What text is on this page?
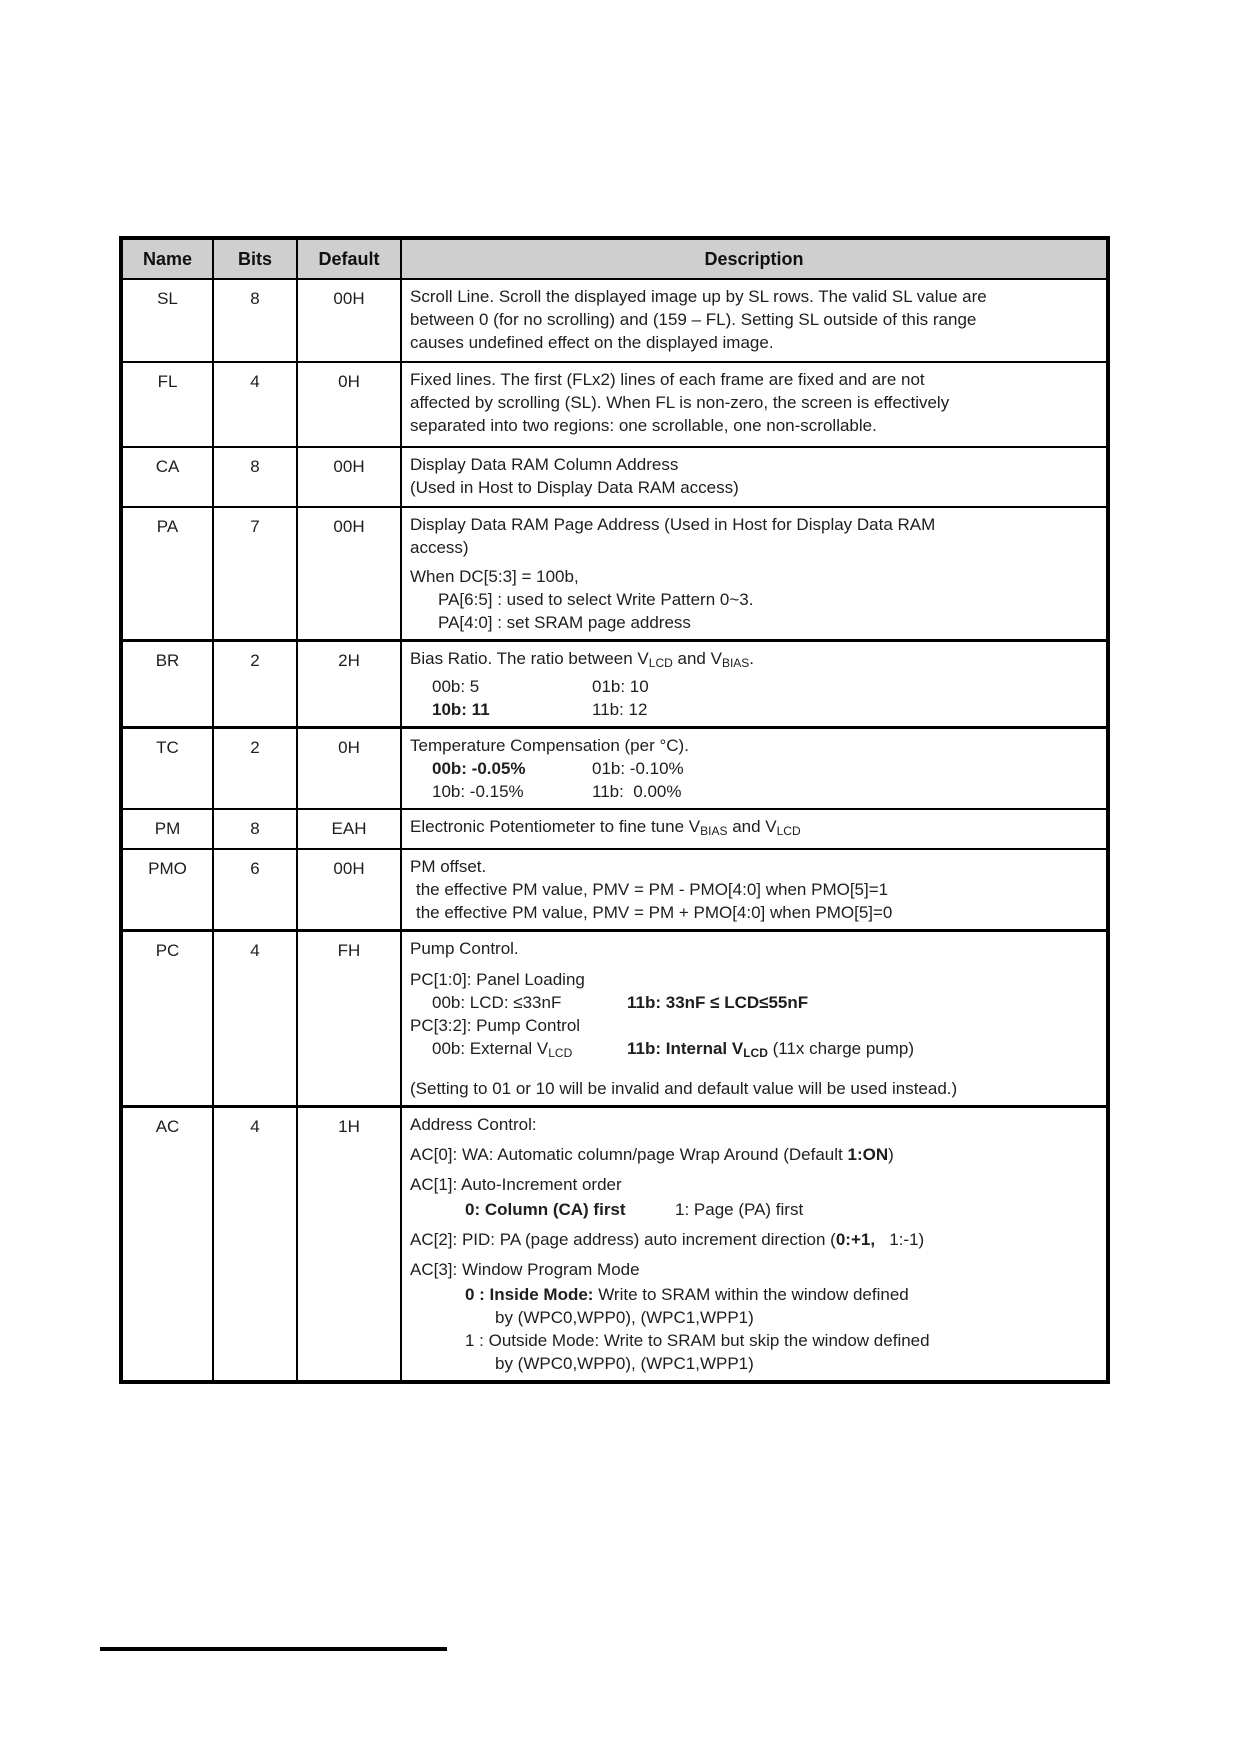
Name	Bits	Default	Description
SL	8	00H	Scroll Line. Scroll the displayed image up by SL rows. The valid SL value are
between 0 (for no scrolling) and (159 – FL). Setting SL outside of this range
causes undefined effect on the displayed image.

FL	4	0H	Fixed lines. The first (FLx2) lines of each frame are fixed and are not
affected by scrolling (SL). When FL is non-zero, the screen is effectively
separated into two regions: one scrollable, one non-scrollable.

CA	8	00H	Display Data RAM Column Address
(Used in Host to Display Data RAM access)

PA	7	00H	Display Data RAM Page Address (Used in Host for Display Data RAM
access)
When DC[5:3] = 100b,
PA[6:5] : used to select Write Pattern 0~3.
PA[4:0] : set SRAM page address

BR	2	2H	Bias Ratio. The ratio between VLCD and VBIAS.
00b: 5 01b: 10
10b: 11 11b: 12

TC	2	0H	Temperature Compensation (per °C).
00b: -0.05% 01b: -0.10%
10b: -0.15% 11b:  0.00%

PM	8	EAH	Electronic Potentiometer to fine tune VBIAS and VLCD

PMO	6	00H	PM offset.
the effective PM value, PMV = PM - PMO[4:0] when PMO[5]=1
the effective PM value, PMV = PM + PMO[4:0] when PMO[5]=0

PC	4	FH	Pump Control.
PC[1:0]: Panel Loading
00b: LCD: ≤33nF	11b: 33nF ≤ LCD≤55nF
PC[3:2]: Pump Control
00b: External VLCD	11b: Internal VLCD (11x charge pump)
(Setting to 01 or 10 will be invalid and default value will be used instead.)

AC	4	1H	Address Control:
AC[0]: WA: Automatic column/page Wrap Around (Default 1:ON)
AC[1]: Auto-Increment order
0: Column (CA) first	1: Page (PA) first
AC[2]: PID: PA (page address) auto increment direction (0:+1,   1:-1)
AC[3]: Window Program Mode
0 : Inside Mode: Write to SRAM within the window defined
by (WPC0,WPP0), (WPC1,WPP1)
1 : Outside Mode: Write to SRAM but skip the window defined
by (WPC0,WPP0), (WPC1,WPP1)
